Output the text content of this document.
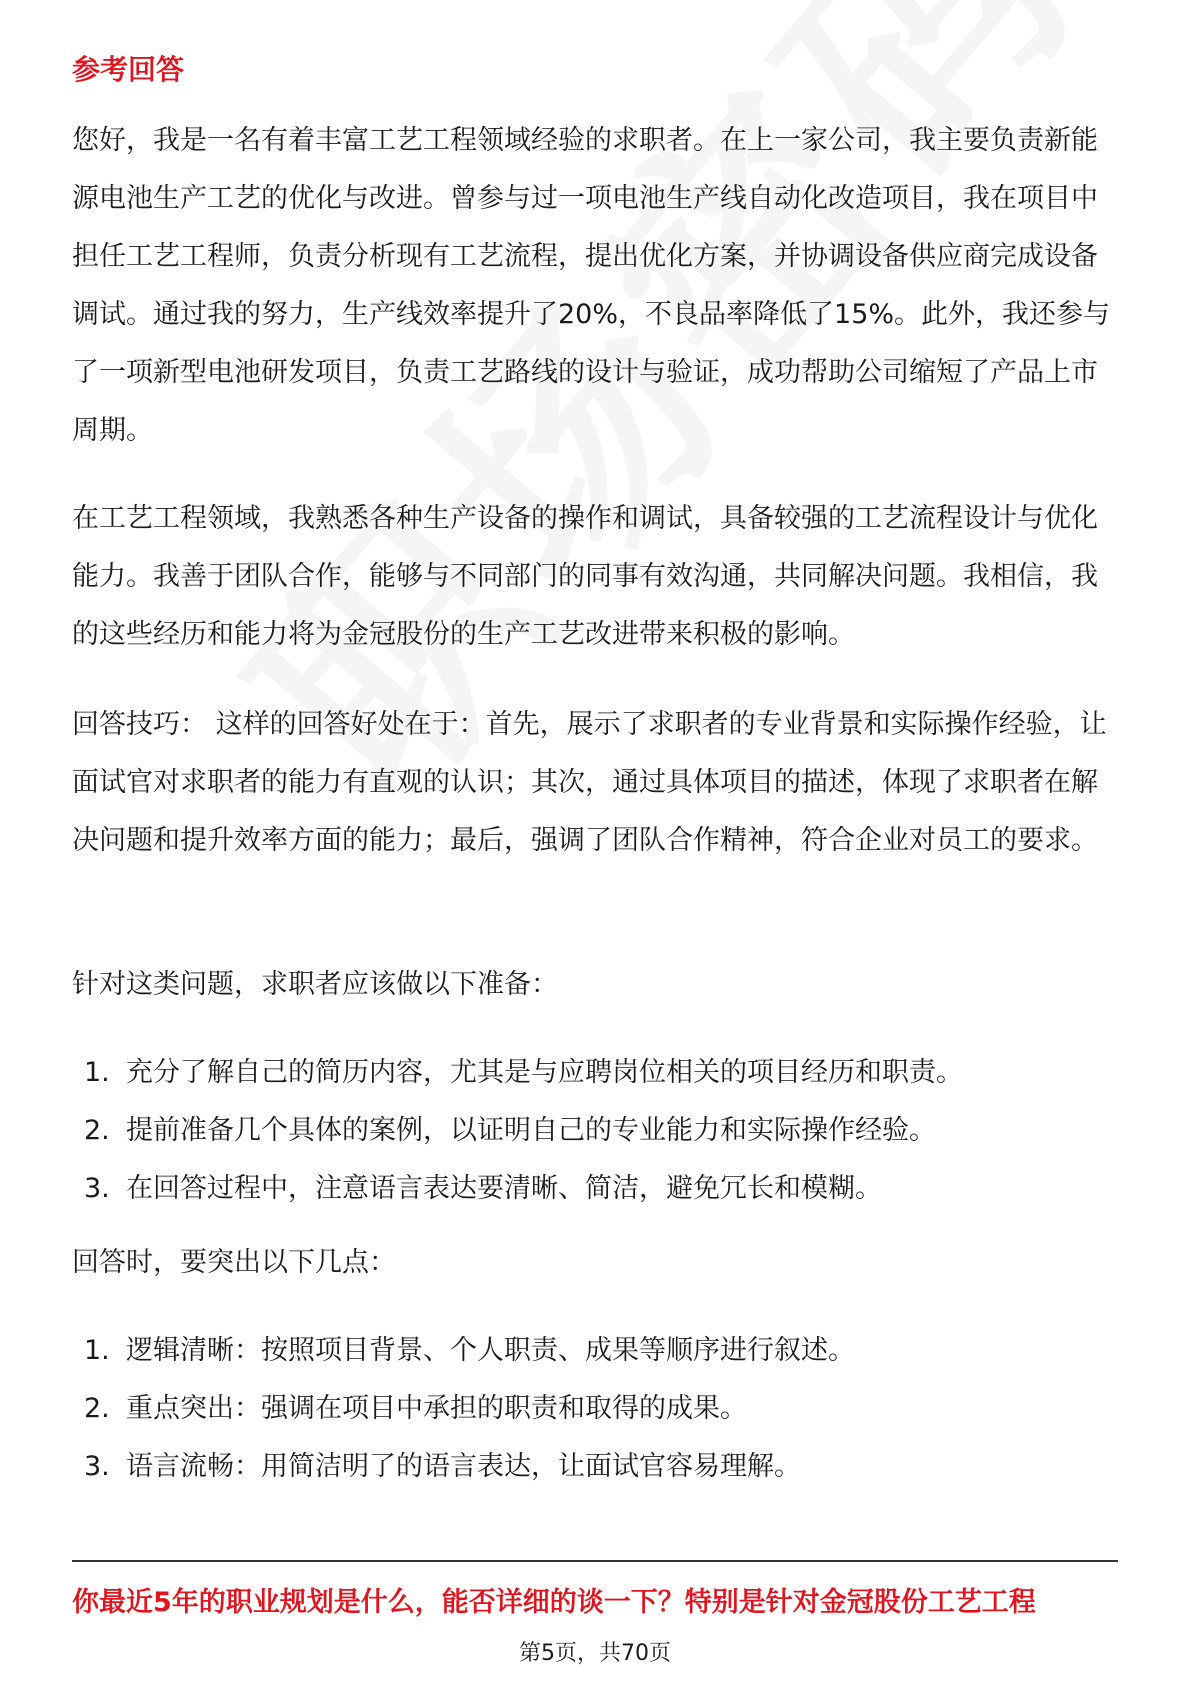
参考回答

您好，我是一名有着丰富工艺工程领域经验的求职者。在上一家公司，我主要负责新能源电池生产工艺的优化与改进。曾参与过一项电池生产线自动化改造项目，我在项目中担任工艺工程师，负责分析现有工艺流程，提出优化方案，并协调设备供应商完成设备调试。通过我的努力，生产线效率提升了20%，不良品率降低了15%。此外，我还参与了一项新型电池研发项目，负责工艺路线的设计与验证，成功帮助公司缩短了产品上市周期。

在工艺工程领域，我熟悉各种生产设备的操作和调试，具备较强的工艺流程设计与优化能力。我善于团队合作，能够与不同部门的同事有效沟通，共同解决问题。我相信，我的这些经历和能力将为金冠股份的生产工艺改进带来积极的影响。

回答技巧： 这样的回答好处在于：首先，展示了求职者的专业背景和实际操作经验，让面试官对求职者的能力有直观的认识；其次，通过具体项目的描述，体现了求职者在解决问题和提升效率方面的能力；最后，强调了团队合作精神，符合企业对员工的要求。

针对这类问题，求职者应该做以下准备：

1. 充分了解自己的简历内容，尤其是与应聘岗位相关的项目经历和职责。
2. 提前准备几个具体的案例，以证明自己的专业能力和实际操作经验。
3. 在回答过程中，注意语言表达要清晰、简洁，避免冗长和模糊。

回答时，要突出以下几点：

1. 逻辑清晰：按照项目背景、个人职责、成果等顺序进行叙述。
2. 重点突出：强调在项目中承担的职责和取得的成果。
3. 语言流畅：用简洁明了的语言表达，让面试官容易理解。
你最近5年的职业规划是什么，能否详细的谈一下？特别是针对金冠股份工艺工程
第5页，共70页
